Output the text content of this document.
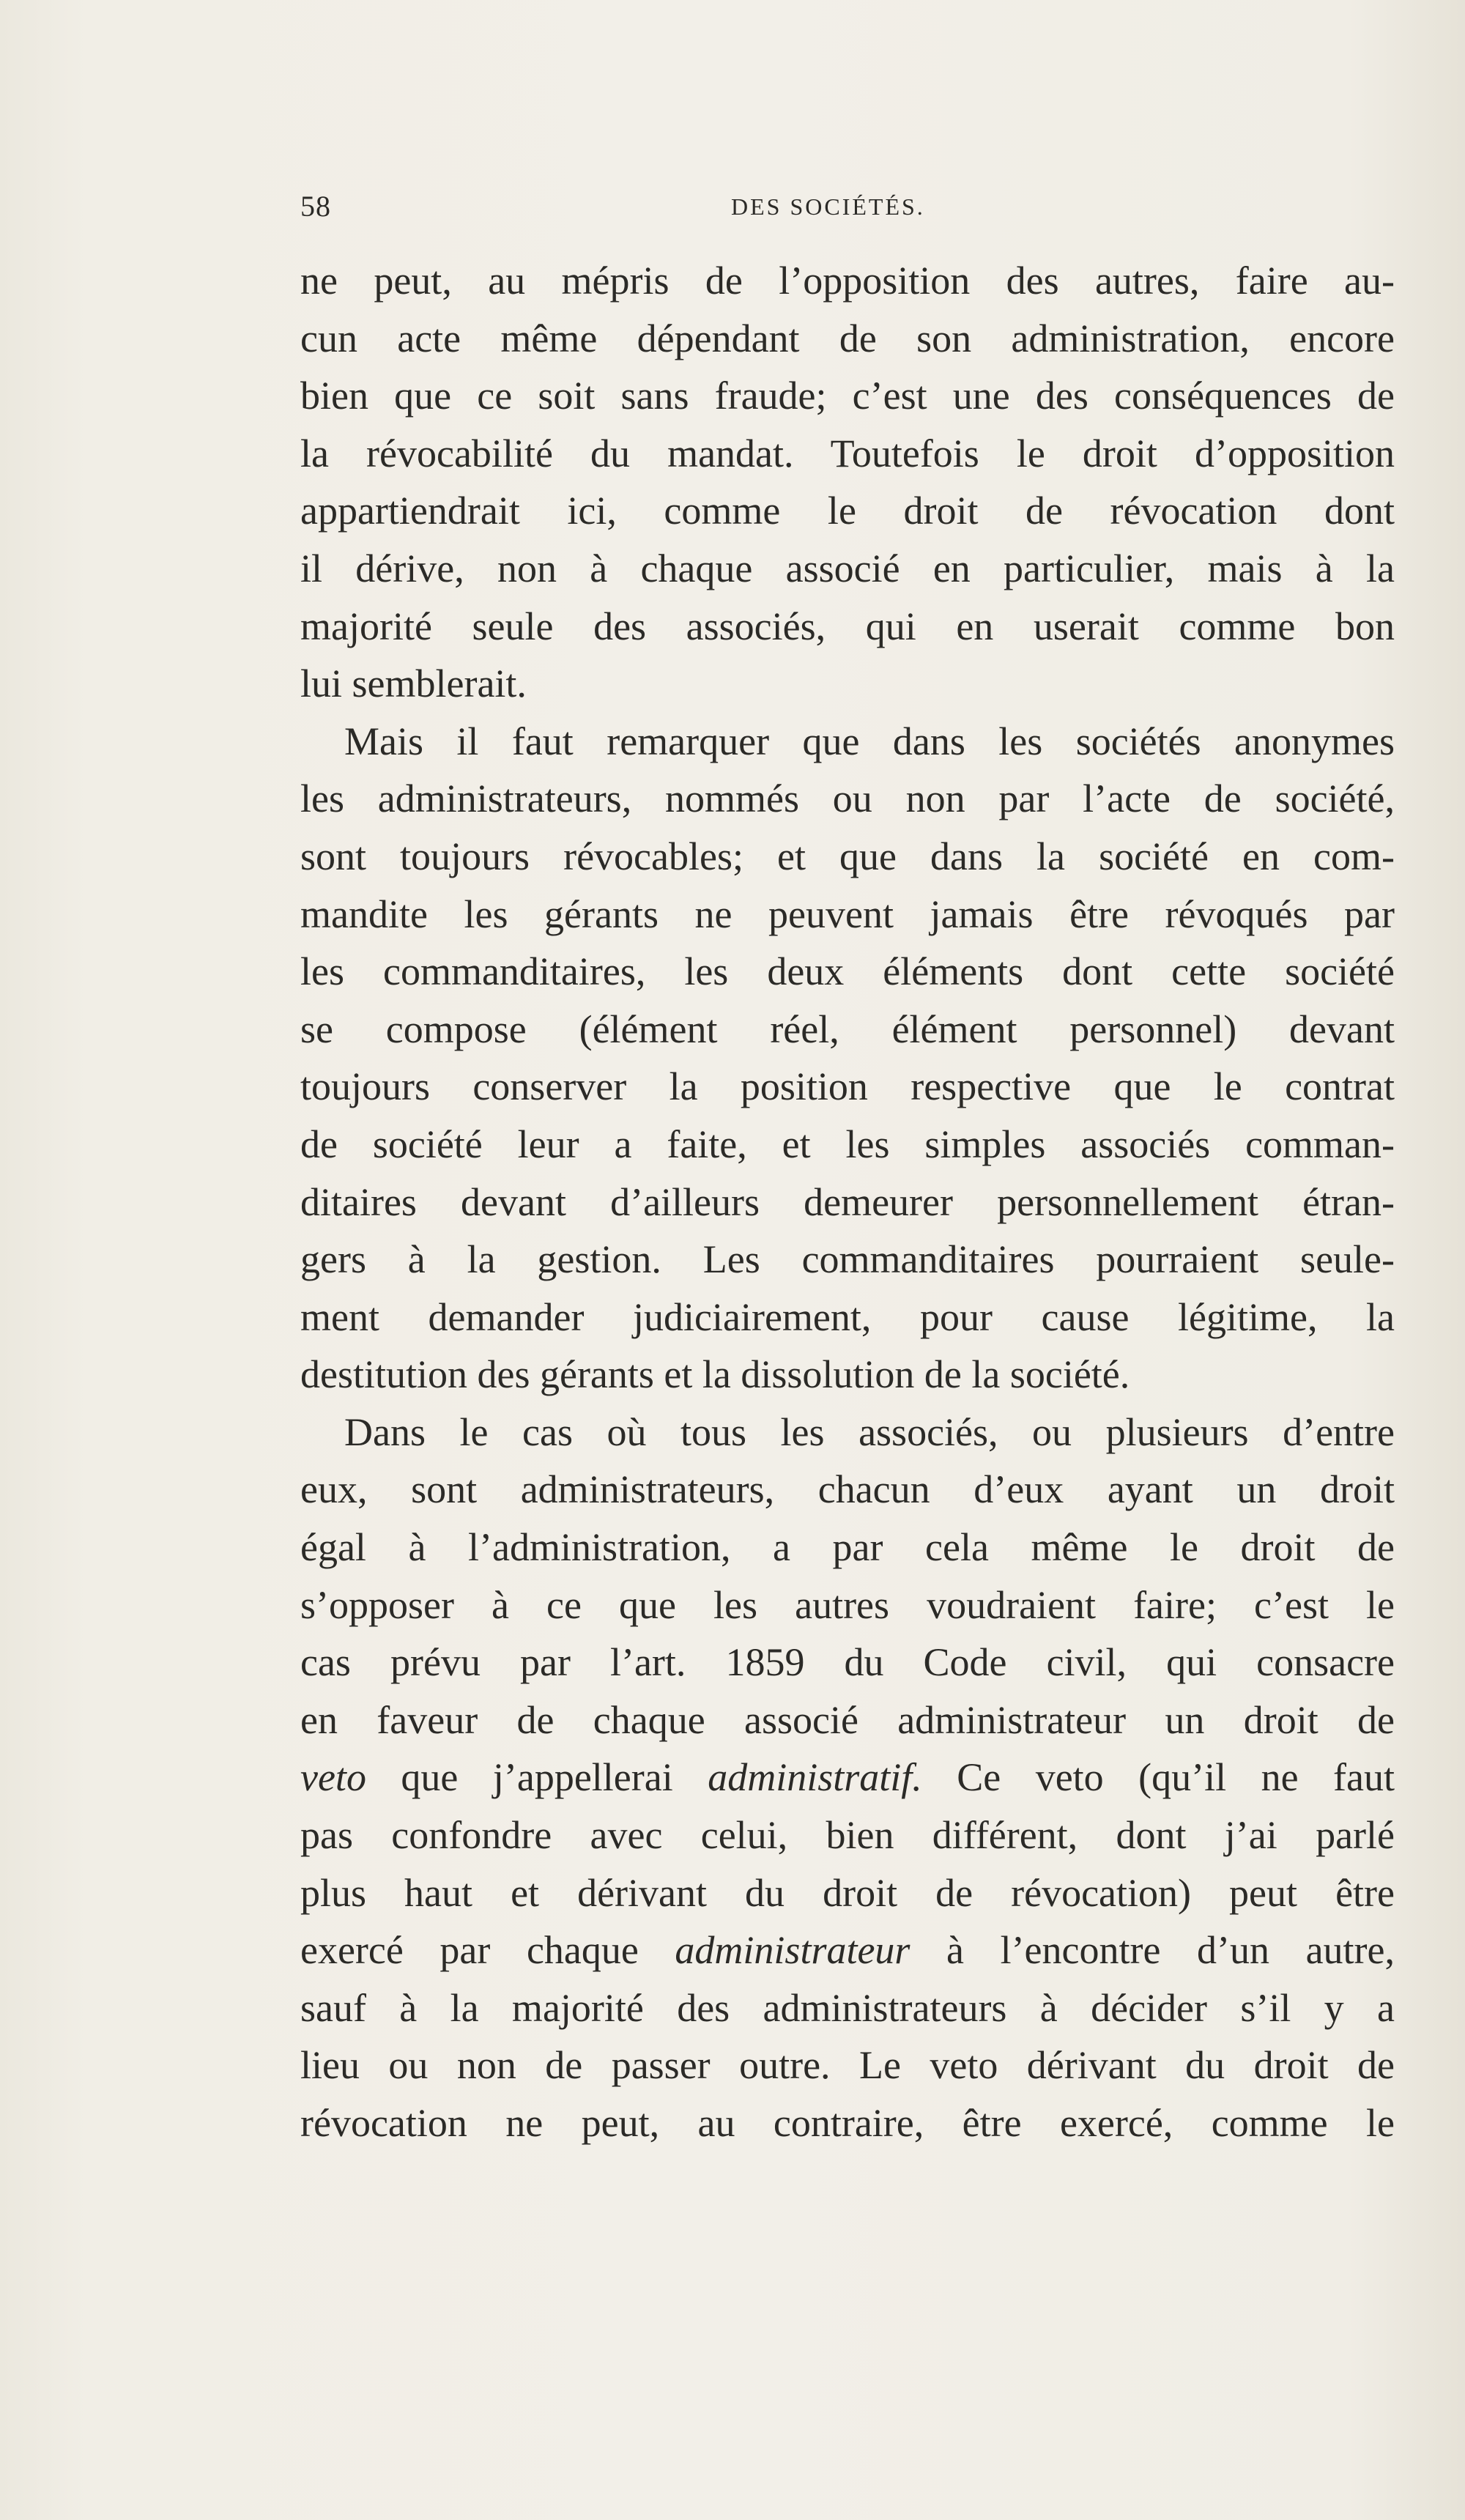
58	DES SOCIÉTÉS.
ne peut, au mépris de l’opposition des autres, faire au-
cun acte même dépendant de son administration, encore
bien que ce soit sans fraude; c’est une des conséquences de
la révocabilité du mandat. Toutefois le droit d’opposition
appartiendrait ici, comme le droit de révocation dont
il dérive, non à chaque associé en particulier, mais à la
majorité seule des associés, qui en userait comme bon
lui semblerait.
Mais il faut remarquer que dans les sociétés anonymes
les administrateurs, nommés ou non par l’acte de société,
sont toujours révocables; et que dans la société en com-
mandite les gérants ne peuvent jamais être révoqués par
les commanditaires, les deux éléments dont cette société
se compose (élément réel, élément personnel) devant
toujours conserver la position respective que le contrat
de société leur a faite, et les simples associés comman-
ditaires devant d’ailleurs demeurer personnellement étran-
gers à la gestion. Les commanditaires pourraient seule-
ment demander judiciairement, pour cause légitime, la
destitution des gérants et la dissolution de la société.
Dans le cas où tous les associés, ou plusieurs d’entre
eux, sont administrateurs, chacun d’eux ayant un droit
égal à l’administration, a par cela même le droit de
s’opposer à ce que les autres voudraient faire; c’est le
cas prévu par l’art. 1859 du Code civil, qui consacre
en faveur de chaque associé administrateur un droit de
veto que j’appellerai administratif. Ce veto (qu’il ne faut
pas confondre avec celui, bien différent, dont j’ai parlé
plus haut et dérivant du droit de révocation) peut être
exercé par chaque administrateur à l’encontre d’un autre,
sauf à la majorité des administrateurs à décider s’il y a
lieu ou non de passer outre. Le veto dérivant du droit de
révocation ne peut, au contraire, être exercé, comme le
